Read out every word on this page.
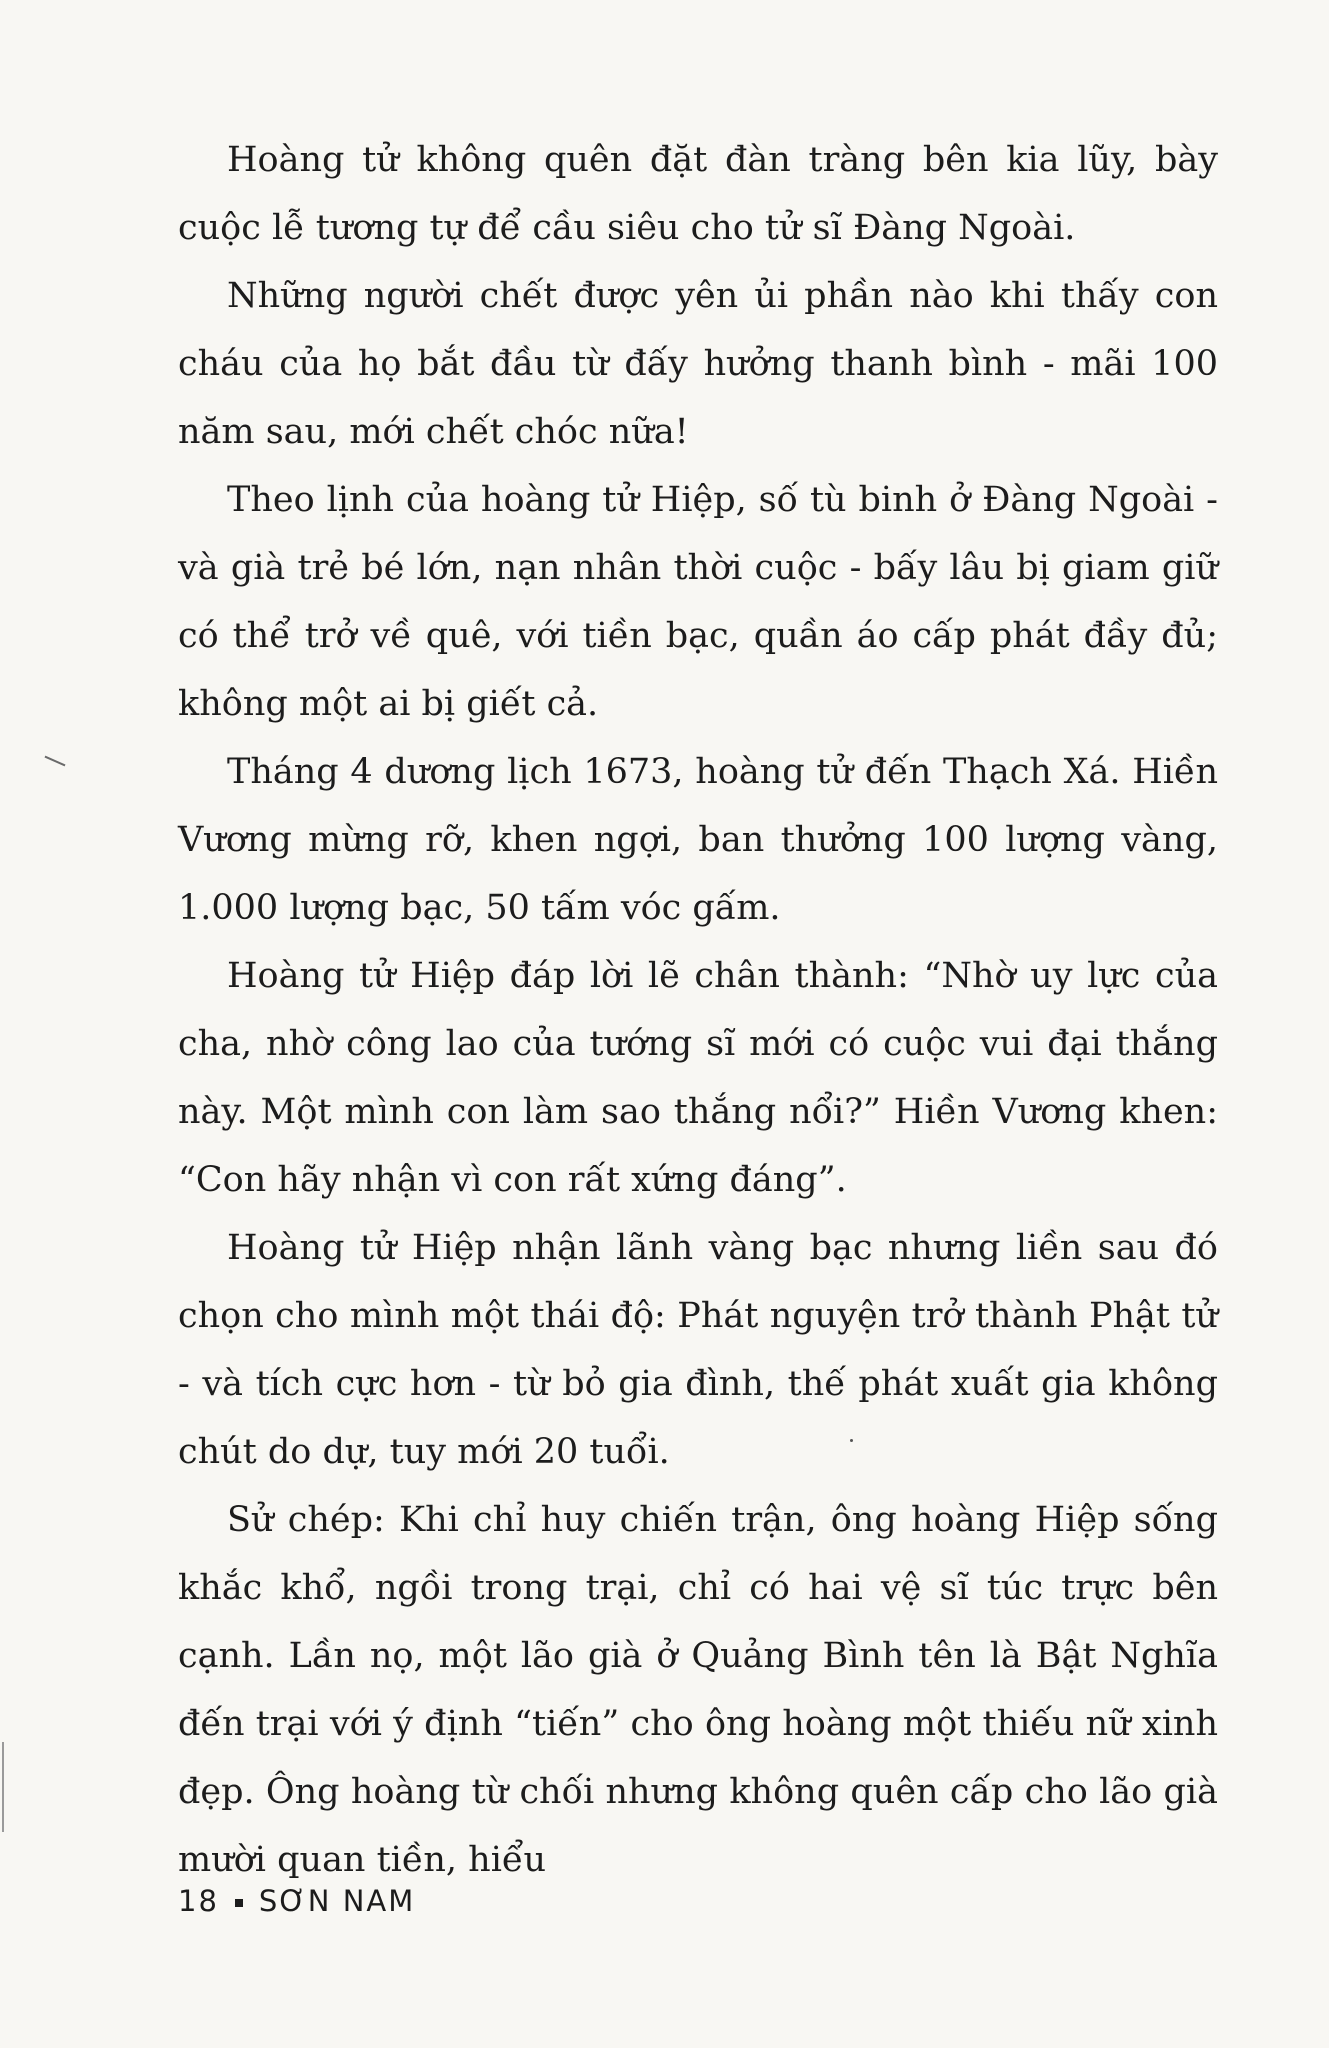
Hoàng tử không quên đặt đàn tràng bên kia lũy, bày cuộc lễ tương tự để cầu siêu cho tử sĩ Đàng Ngoài.

Những người chết được yên ủi phần nào khi thấy con cháu của họ bắt đầu từ đấy hưởng thanh bình - mãi 100 năm sau, mới chết chóc nữa!

Theo lịnh của hoàng tử Hiệp, số tù binh ở Đàng Ngoài - và già trẻ bé lớn, nạn nhân thời cuộc - bấy lâu bị giam giữ có thể trở về quê, với tiền bạc, quần áo cấp phát đầy đủ; không một ai bị giết cả.

Tháng 4 dương lịch 1673, hoàng tử đến Thạch Xá. Hiền Vương mừng rỡ, khen ngợi, ban thưởng 100 lượng vàng, 1.000 lượng bạc, 50 tấm vóc gấm.

Hoàng tử Hiệp đáp lời lẽ chân thành: “Nhờ uy lực của cha, nhờ công lao của tướng sĩ mới có cuộc vui đại thắng này. Một mình con làm sao thắng nổi?” Hiền Vương khen: “Con hãy nhận vì con rất xứng đáng”.

Hoàng tử Hiệp nhận lãnh vàng bạc nhưng liền sau đó chọn cho mình một thái độ: Phát nguyện trở thành Phật tử - và tích cực hơn - từ bỏ gia đình, thế phát xuất gia không chút do dự, tuy mới 20 tuổi.

Sử chép: Khi chỉ huy chiến trận, ông hoàng Hiệp sống khắc khổ, ngồi trong trại, chỉ có hai vệ sĩ túc trực bên cạnh. Lần nọ, một lão già ở Quảng Bình tên là Bật Nghĩa đến trại với ý định “tiến” cho ông hoàng một thiếu nữ xinh đẹp. Ông hoàng từ chối nhưng không quên cấp cho lão già mười quan tiền, hiểu

18 SƠN NAM
